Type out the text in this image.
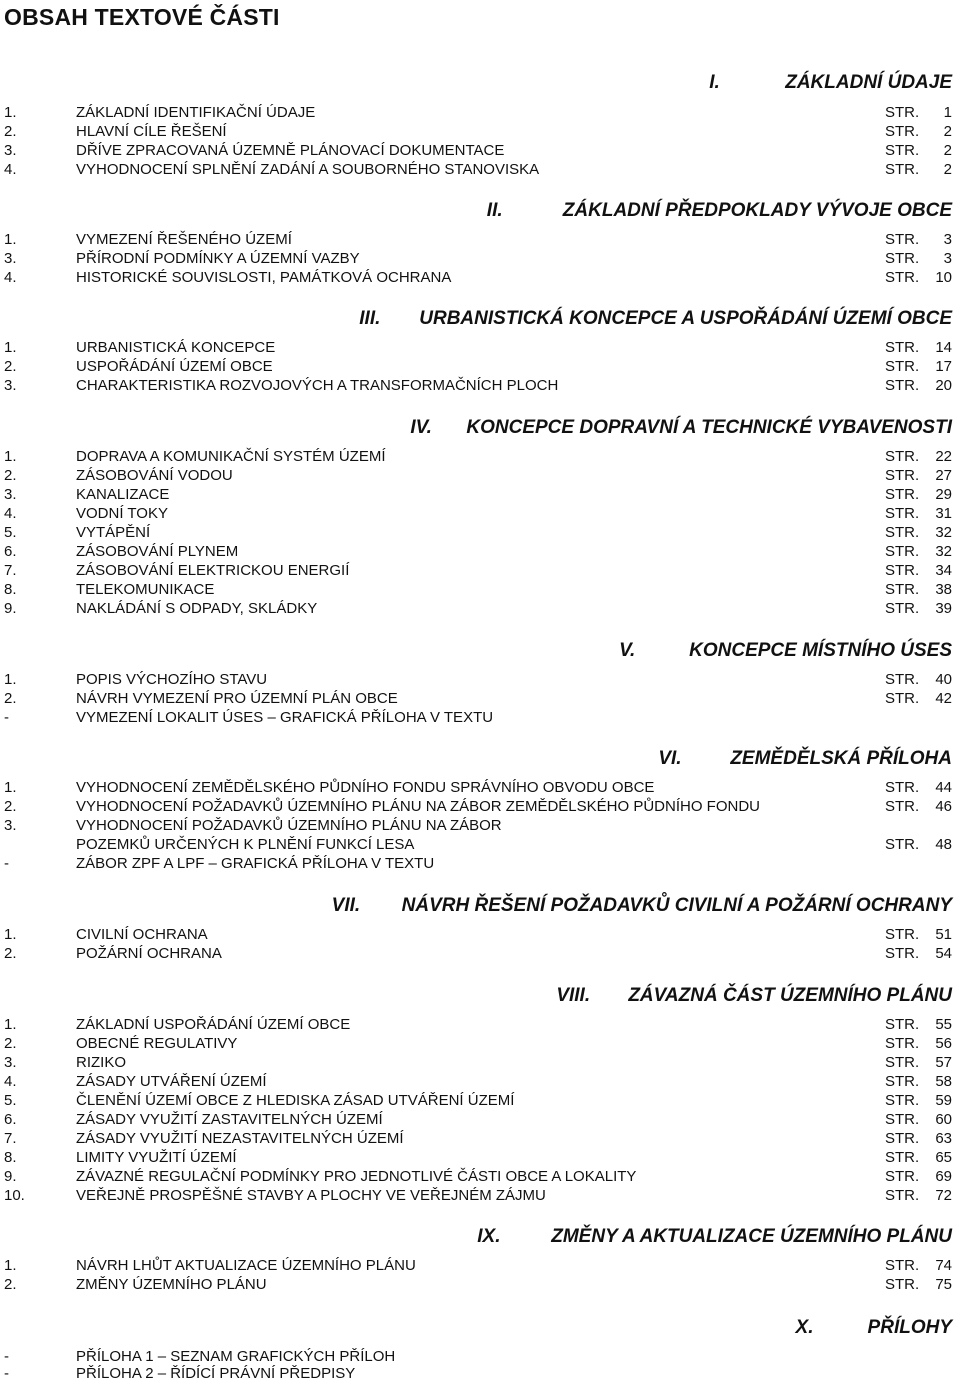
OBSAH TEXTOVÉ ČÁSTI
I.	ZÁKLADNÍ ÚDAJE
1.	ZÁKLADNÍ IDENTIFIKAČNÍ ÚDAJE	STR. 1
2.	HLAVNÍ CÍLE ŘEŠENÍ	STR. 2
3.	DŘÍVE ZPRACOVANÁ ÚZEMNĚ PLÁNOVACÍ DOKUMENTACE	STR. 2
4.	VYHODNOCENÍ SPLNĚNÍ ZADÁNÍ A SOUBORNÉHO STANOVISKA	STR. 2
II.	ZÁKLADNÍ PŘEDPOKLADY VÝVOJE OBCE
1.	VYMEZENÍ ŘEŠENÉHO ÚZEMÍ	STR. 3
3.	PŘÍRODNÍ PODMÍNKY A ÚZEMNÍ VAZBY	STR. 3
4.	HISTORICKÉ SOUVISLOSTI, PAMÁTKOVÁ OCHRANA	STR. 10
III.	URBANISTICKÁ KONCEPCE A USPOŘÁDÁNÍ ÚZEMÍ OBCE
1.	URBANISTICKÁ KONCEPCE	STR. 14
2.	USPOŘÁDÁNÍ ÚZEMÍ OBCE	STR. 17
3.	CHARAKTERISTIKA ROZVOJOVÝCH A TRANSFORMAČNÍCH PLOCH	STR. 20
IV.	KONCEPCE DOPRAVNÍ A TECHNICKÉ VYBAVENOSTI
1.	DOPRAVA A KOMUNIKAČNÍ SYSTÉM ÚZEMÍ	STR. 22
2.	ZÁSOBOVÁNÍ VODOU	STR. 27
3.	KANALIZACE	STR. 29
4.	VODNÍ TOKY	STR. 31
5.	VYTÁPĚNÍ	STR. 32
6.	ZÁSOBOVÁNÍ PLYNEM	STR. 32
7.	ZÁSOBOVÁNÍ ELEKTRICKOU ENERGIÍ	STR. 34
8.	TELEKOMUNIKACE	STR. 38
9.	NAKLÁDÁNÍ S ODPADY, SKLÁDKY	STR. 39
V.	KONCEPCE MÍSTNÍHO ÚSES
1.	POPIS VÝCHOZÍHO STAVU	STR. 40
2.	NÁVRH VYMEZENÍ PRO ÚZEMNÍ PLÁN OBCE	STR. 42
-	VYMEZENÍ LOKALIT ÚSES – GRAFICKÁ PŘÍLOHA V TEXTU
VI.	ZEMĚDĚLSKÁ PŘÍLOHA
1.	VYHODNOCENÍ ZEMĚDĚLSKÉHO PŮDNÍHO FONDU SPRÁVNÍHO OBVODU OBCE	STR. 44
2.	VYHODNOCENÍ POŽADAVKŮ ÚZEMNÍHO PLÁNU NA ZÁBOR ZEMĚDĚLSKÉHO PŮDNÍHO FONDU	STR. 46
3.	VYHODNOCENÍ POŽADAVKŮ ÚZEMNÍHO PLÁNU NA ZÁBOR
POZEMKŮ URČENÝCH K PLNĚNÍ FUNKCÍ LESA	STR. 48
-	ZÁBOR ZPF A LPF – GRAFICKÁ PŘÍLOHA V TEXTU
VII.	NÁVRH ŘEŠENÍ POŽADAVKŮ CIVILNÍ A POŽÁRNÍ OCHRANY
1.	CIVILNÍ OCHRANA	STR. 51
2.	POŽÁRNÍ OCHRANA	STR. 54
VIII.	ZÁVAZNÁ ČÁST ÚZEMNÍHO PLÁNU
1.	ZÁKLADNÍ USPOŘÁDÁNÍ ÚZEMÍ OBCE	STR. 55
2.	OBECNÉ REGULATIVY	STR. 56
3.	RIZIKO	STR. 57
4.	ZÁSADY UTVÁŘENÍ ÚZEMÍ	STR. 58
5.	ČLENĚNÍ ÚZEMÍ OBCE Z HLEDISKA ZÁSAD UTVÁŘENÍ ÚZEMÍ	STR. 59
6.	ZÁSADY VYUŽITÍ ZASTAVITELNÝCH ÚZEMÍ	STR. 60
7.	ZÁSADY VYUŽITÍ NEZASTAVITELNÝCH ÚZEMÍ	STR. 63
8.	LIMITY VYUŽITÍ ÚZEMÍ	STR. 65
9.	ZÁVAZNÉ REGULAČNÍ PODMÍNKY PRO JEDNOTLIVÉ ČÁSTI OBCE A LOKALITY	STR. 69
10.	VEŘEJNĚ PROSPĚŠNÉ STAVBY A PLOCHY VE VEŘEJNÉM ZÁJMU	STR. 72
IX.	ZMĚNY A AKTUALIZACE ÚZEMNÍHO PLÁNU
1.	NÁVRH LHŮT AKTUALIZACE ÚZEMNÍHO PLÁNU	STR. 74
2.	ZMĚNY ÚZEMNÍHO PLÁNU	STR. 75
X.	PŘÍLOHY
-	PŘÍLOHA 1 – SEZNAM GRAFICKÝCH PŘÍLOH
-	PŘÍLOHA 2 – ŘÍDÍCÍ PRÁVNÍ PŘEDPISY
